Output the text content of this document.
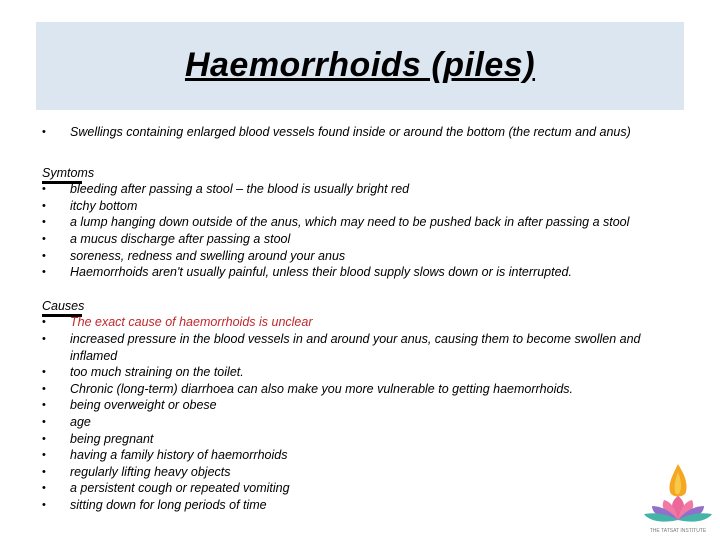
Haemorrhoids (piles)
• Swellings containing enlarged blood vessels found inside or around the bottom (the rectum and anus)
Symtoms
• bleeding after passing a stool – the blood is usually bright red
• itchy bottom
• a lump hanging down outside of the anus, which may need to be pushed back in after passing a stool
• a mucus discharge after passing a stool
• soreness, redness and swelling around your anus
• Haemorrhoids aren't usually painful, unless their blood supply slows down or is interrupted.
Causes
• The exact cause of haemorrhoids is unclear
• increased pressure in the blood vessels in and around your anus, causing them to become swollen and inflamed
• too much straining on the toilet.
• Chronic (long-term) diarrhoea can also make you more vulnerable to getting haemorrhoids.
• being overweight or obese
• age
• being pregnant
• having a family history of haemorrhoids
• regularly lifting heavy objects
• a persistent cough or repeated vomiting
• sitting down for long periods of time
THE TATSAT INSTITUTE
